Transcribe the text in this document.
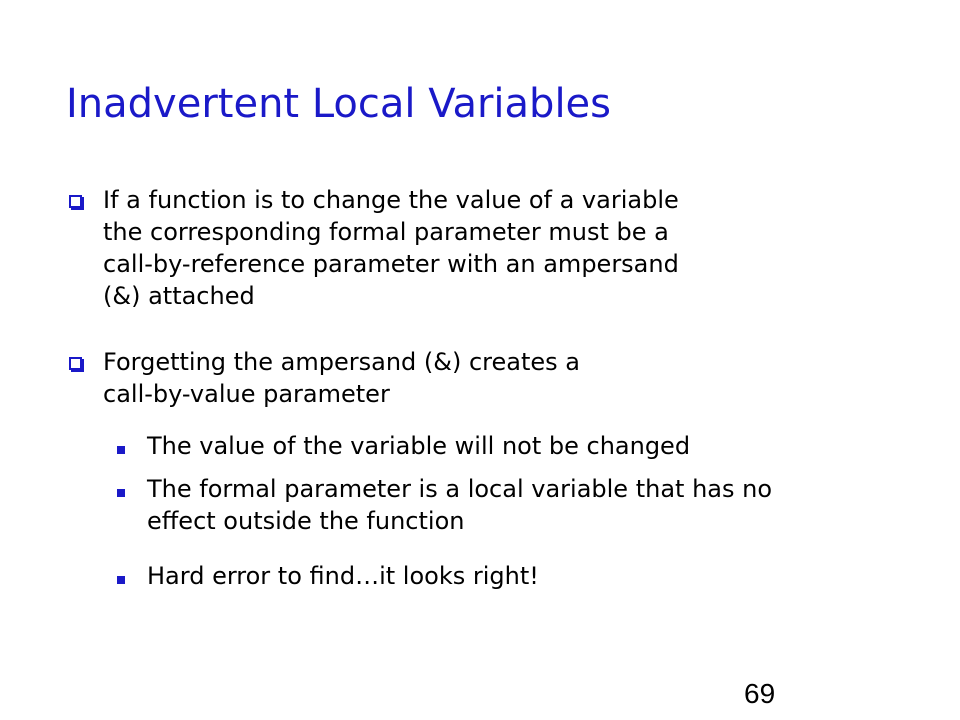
Inadvertent Local Variables
If a function is to change the value of a variable
the corresponding formal parameter must be a
call-by-reference parameter with an ampersand
(&) attached
Forgetting the ampersand (&) creates a
call-by-value parameter
The value of the variable will not be changed
The formal parameter is a local variable that has no
effect outside the function
Hard error to find…it looks right!
69
